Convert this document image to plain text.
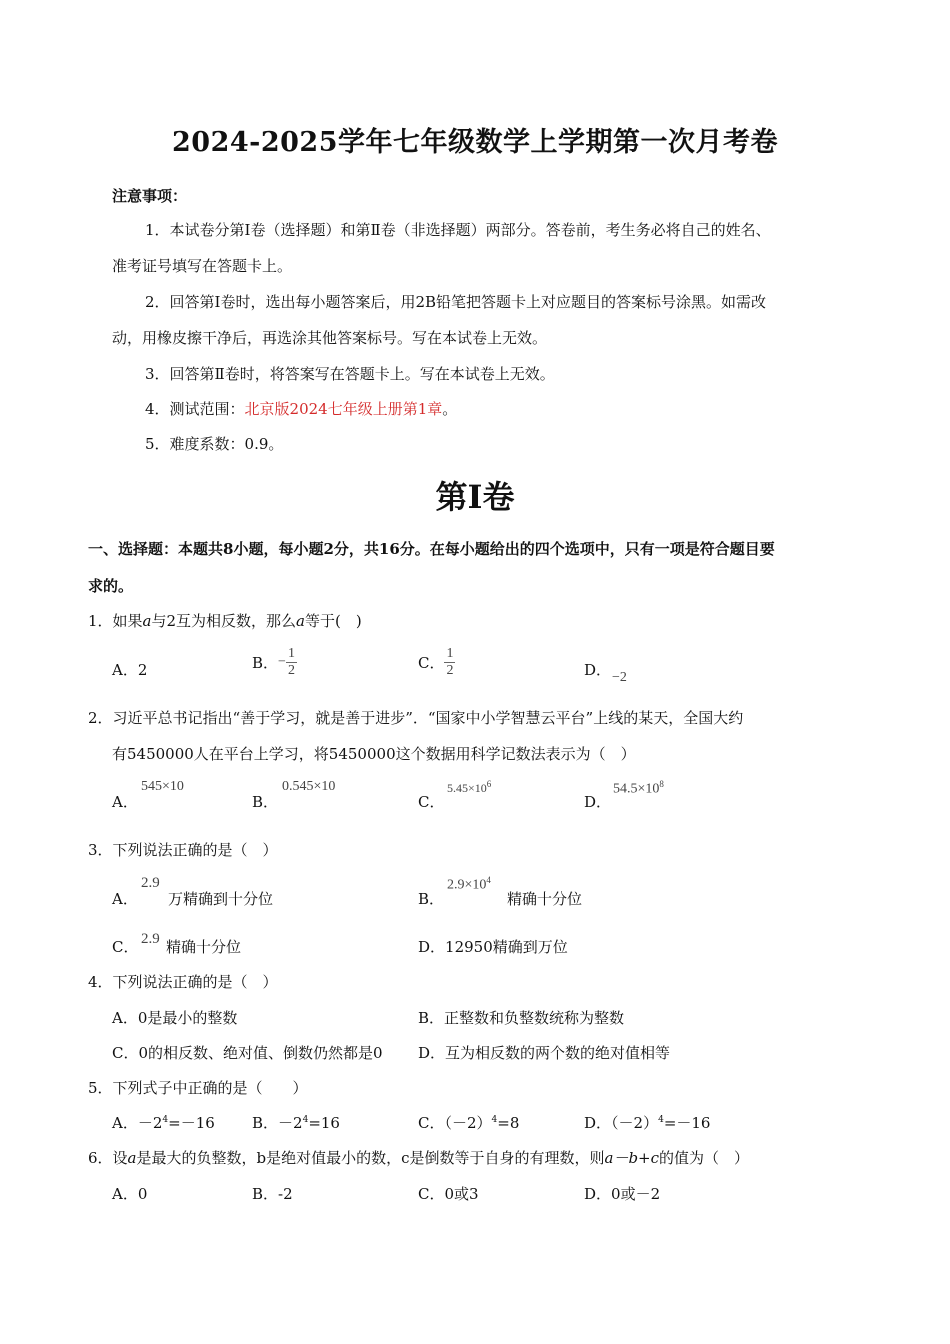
2024-2025学年七年级数学上学期第一次月考卷
注意事项：
1．本试卷分第Ⅰ卷（选择题）和第Ⅱ卷（非选择题）两部分。答卷前，考生务必将自己的姓名、
准考证号填写在答题卡上。
2．回答第Ⅰ卷时，选出每小题答案后，用2B铅笔把答题卡上对应题目的答案标号涂黑。如需改
动，用橡皮擦干净后，再选涂其他答案标号。写在本试卷上无效。
3．回答第Ⅱ卷时，将答案写在答题卡上。写在本试卷上无效。
4．测试范围：北京版2024七年级上册第1章。
5．难度系数：0.9。
第Ⅰ卷
一、选择题：本题共8小题，每小题2分，共16分。在每小题给出的四个选项中，只有一项是符合题目要
求的。
1．如果a与2互为相反数，那么a等于(　)
A．2	B．− $\frac{1}{2}$	C． $\frac{1}{2}$	D． −2
2．习近平总书记指出“善于学习，就是善于进步”．“国家中小学智慧云平台”上线的某天，全国大约
有5450000人在平台上学习，将5450000这个数据用科学记数法表示为（　）
A．
545×10
B．
0.545×10
C．
$5.45\times 10^6$
D．
$54.5\times 10^8$
3．下列说法正确的是（　）
A．
2.9
万精确到十分位	B．
$2.9\times 10^4$
精确十分位
C． 2.9 精确十分位	D．12950精确到万位
4．下列说法正确的是（　）
A．0是最小的整数	B．正整数和负整数统称为整数
C．0的相反数、绝对值、倒数仍然都是0 D．互为相反数的两个数的绝对值相等
5．下列式子中正确的是（　　）
A．$-2^4=-16$ B．$-2^4=16$	C．$(-2)^4=8$	D．$(-2)^4=-16$
6．设a是最大的负整数，b是绝对值最小的数，c是倒数等于自身的有理数，则a－b+c的值为（　）
A．0	B．-2	C．0或3	D．0或－2
